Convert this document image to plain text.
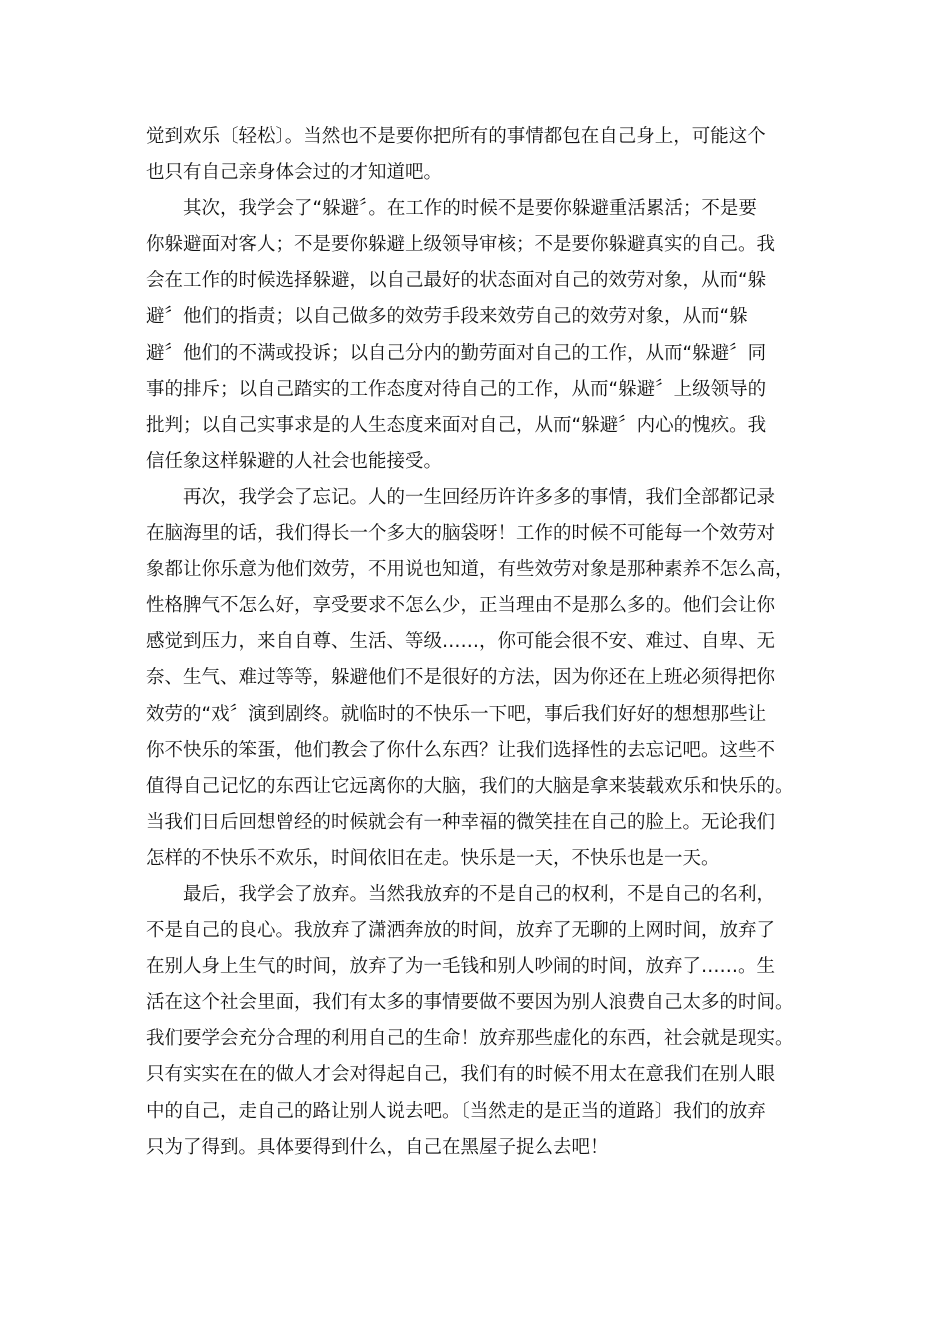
觉到欢乐〔轻松〕。当然也不是要你把所有的事情都包在自己身上，可能这个
也只有自己亲身体会过的才知道吧。
其次，我学会了“躲避〞。在工作的时候不是要你躲避重活累活；不是要
你躲避面对客人；不是要你躲避上级领导审核；不是要你躲避真实的自己。我
会在工作的时候选择躲避，以自己最好的状态面对自己的效劳对象，从而“躲
避〞他们的指责；以自己做多的效劳手段来效劳自己的效劳对象，从而“躲
避〞他们的不满或投诉；以自己分内的勤劳面对自己的工作，从而“躲避〞同
事的排斥；以自己踏实的工作态度对待自己的工作，从而“躲避〞上级领导的
批判；以自己实事求是的人生态度来面对自己，从而“躲避〞内心的愧疚。我
信任象这样躲避的人社会也能接受。
再次，我学会了忘记。人的一生回经历许许多多的事情，我们全部都记录
在脑海里的话，我们得长一个多大的脑袋呀！工作的时候不可能每一个效劳对
象都让你乐意为他们效劳，不用说也知道，有些效劳对象是那种素养不怎么高，
性格脾气不怎么好，享受要求不怎么少，正当理由不是那么多的。他们会让你
感觉到压力，来自自尊、生活、等级……，你可能会很不安、难过、自卑、无
奈、生气、难过等等，躲避他们不是很好的方法，因为你还在上班必须得把你
效劳的“戏〞演到剧终。就临时的不快乐一下吧，事后我们好好的想想那些让
你不快乐的笨蛋，他们教会了你什么东西？让我们选择性的去忘记吧。这些不
值得自己记忆的东西让它远离你的大脑，我们的大脑是拿来装载欢乐和快乐的。
当我们日后回想曾经的时候就会有一种幸福的微笑挂在自己的脸上。无论我们
怎样的不快乐不欢乐，时间依旧在走。快乐是一天，不快乐也是一天。
最后，我学会了放弃。当然我放弃的不是自己的权利，不是自己的名利，
不是自己的良心。我放弃了潇洒奔放的时间，放弃了无聊的上网时间，放弃了
在别人身上生气的时间，放弃了为一毛钱和别人吵闹的时间，放弃了……。生
活在这个社会里面，我们有太多的事情要做不要因为别人浪费自己太多的时间。
我们要学会充分合理的利用自己的生命！放弃那些虚化的东西，社会就是现实。
只有实实在在的做人才会对得起自己，我们有的时候不用太在意我们在别人眼
中的自己，走自己的路让别人说去吧。〔当然走的是正当的道路〕我们的放弃
只为了得到。具体要得到什么，自己在黑屋子捉么去吧！
